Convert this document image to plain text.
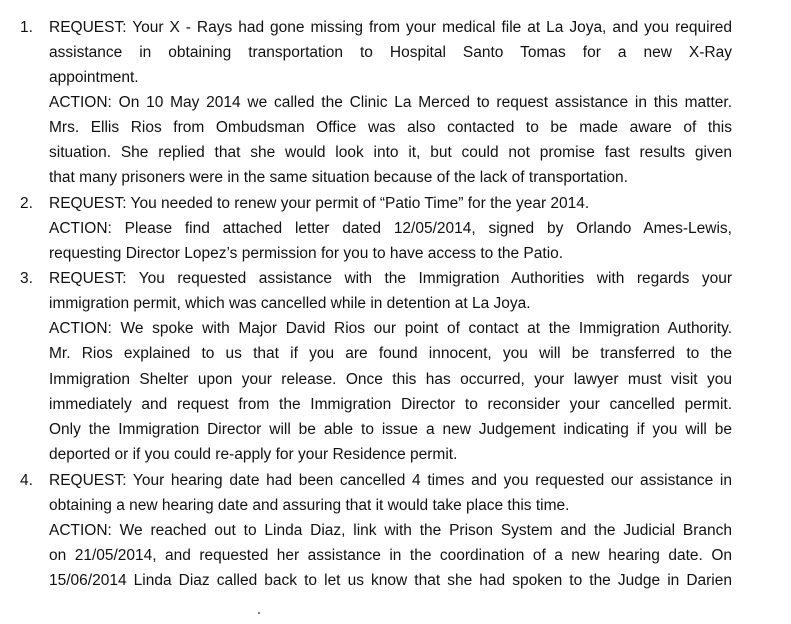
1. REQUEST: Your X - Rays had gone missing from your medical file at La Joya, and you required
assistance in obtaining transportation to Hospital Santo Tomas for a new X-Ray
appointment.
ACTION: On 10 May 2014 we called the Clinic La Merced to request assistance in this matter.
Mrs. Ellis Rios from Ombudsman Office was also contacted to be made aware of this
situation. She replied that she would look into it, but could not promise fast results given
that many prisoners were in the same situation because of the lack of transportation.
2. REQUEST: You needed to renew your permit of “Patio Time” for the year 2014.
ACTION: Please find attached letter dated 12/05/2014, signed by Orlando Ames-Lewis,
requesting Director Lopez’s permission for you to have access to the Patio.
3. REQUEST: You requested assistance with the Immigration Authorities with regards your
immigration permit, which was cancelled while in detention at La Joya.
ACTION: We spoke with Major David Rios our point of contact at the Immigration Authority.
Mr. Rios explained to us that if you are found innocent, you will be transferred to the
Immigration Shelter upon your release. Once this has occurred, your lawyer must visit you
immediately and request from the Immigration Director to reconsider your cancelled permit.
Only the Immigration Director will be able to issue a new Judgement indicating if you will be
deported or if you could re-apply for your Residence permit.
4. REQUEST: Your hearing date had been cancelled 4 times and you requested our assistance in
obtaining a new hearing date and assuring that it would take place this time.
ACTION: We reached out to Linda Diaz, link with the Prison System and the Judicial Branch
on 21/05/2014, and requested her assistance in the coordination of a new hearing date. On
15/06/2014 Linda Diaz called back to let us know that she had spoken to the Judge in Darien
